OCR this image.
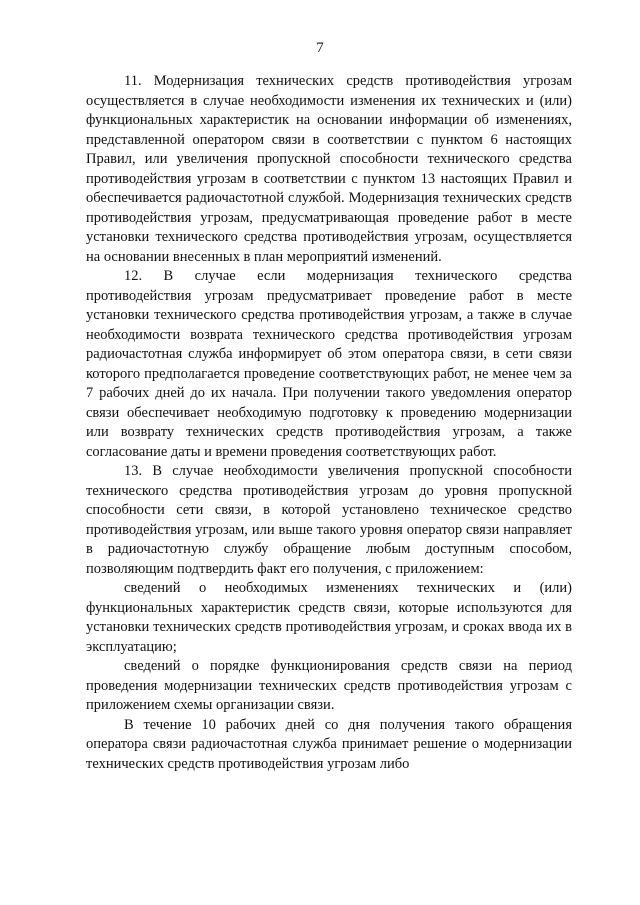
7

11. Модернизация технических средств противодействия угрозам осуществляется в случае необходимости изменения их технических и (или) функциональных характеристик на основании информации об изменениях, представленной оператором связи в соответствии с пунктом 6 настоящих Правил, или увеличения пропускной способности технического средства противодействия угрозам в соответствии с пунктом 13 настоящих Правил и обеспечивается радиочастотной службой. Модернизация технических средств противодействия угрозам, предусматривающая проведение работ в месте установки технического средства противодействия угрозам, осуществляется на основании внесенных в план мероприятий изменений.

12. В случае если модернизация технического средства противодействия угрозам предусматривает проведение работ в месте установки технического средства противодействия угрозам, а также в случае необходимости возврата технического средства противодействия угрозам радиочастотная служба информирует об этом оператора связи, в сети связи которого предполагается проведение соответствующих работ, не менее чем за 7 рабочих дней до их начала. При получении такого уведомления оператор связи обеспечивает необходимую подготовку к проведению модернизации или возврату технических средств противодействия угрозам, а также согласование даты и времени проведения соответствующих работ.

13. В случае необходимости увеличения пропускной способности технического средства противодействия угрозам до уровня пропускной способности сети связи, в которой установлено техническое средство противодействия угрозам, или выше такого уровня оператор связи направляет в радиочастотную службу обращение любым доступным способом, позволяющим подтвердить факт его получения, с приложением:

сведений о необходимых изменениях технических и (или) функциональных характеристик средств связи, которые используются для установки технических средств противодействия угрозам, и сроках ввода их в эксплуатацию;

сведений о порядке функционирования средств связи на период проведения модернизации технических средств противодействия угрозам с приложением схемы организации связи.

В течение 10 рабочих дней со дня получения такого обращения оператора связи радиочастотная служба принимает решение о модернизации технических средств противодействия угрозам либо
